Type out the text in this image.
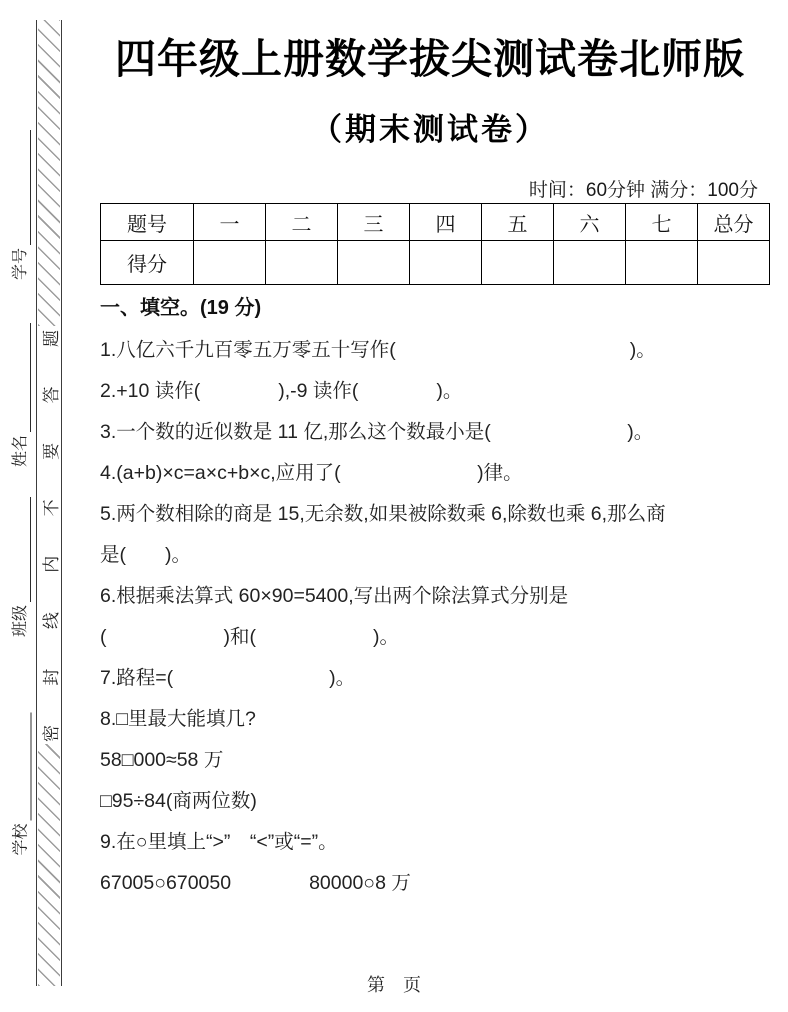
学号
姓名
班级
学校
密
封
线
内
不
要
答
题
四年级上册数学拔尖测试卷北师版
（期末测试卷）
时间：60分钟 满分：100分
题号	一	二	三	四	五	六	七	总分
得分								
一、填空。(19 分)
1.八亿六千九百零五万零五十写作(　　　　　　　　　　　　)。
2.+10 读作(　　　　),-9 读作(　　　　)。
3.一个数的近似数是 11 亿,那么这个数最小是(　　　　　　　)。
4.(a+b)×c=a×c+b×c,应用了(　　　　　　　)律。
5.两个数相除的商是 15,无余数,如果被除数乘 6,除数也乘 6,那么商
是(　　)。
6.根据乘法算式 60×90=5400,写出两个除法算式分别是
(　　　　　　)和(　　　　　　)。
7.路程=(　　　　　　　　)。
8.□里最大能填几?
58□000≈58 万
□95÷84(商两位数)
9.在○里填上“>”　“<”或“=”。
67005○670050　　　　80000○8 万
第　页
